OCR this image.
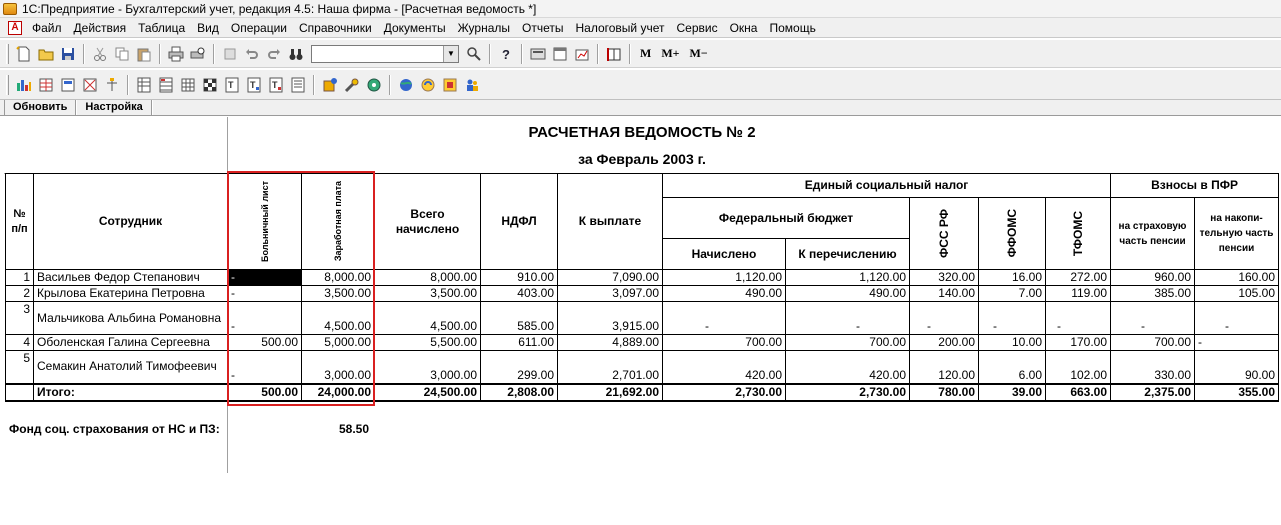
1С:Предприятие - Бухгалтерский учет, редакция 4.5: Наша фирма - [Расчетная ведомость *]
Ā	Файл	Действия	Таблица	Вид	Операции	Справочники	Документы	Журналы	Отчеты	Налоговый учет	Сервис	Окна	Помощь
▼	?	M M+ M−
T T T
Обновить	Настройка
РАСЧЕТНАЯ ВЕДОМОСТЬ № 2
за Февраль 2003 г.
№ п/п	Сотрудник	Больничный лист	Заработная плата	Всего начислено	НДФЛ	К выплате	Единый социальный налог					Взносы в ПФР	
							Федеральный бюджет		ФСС РФ	ФФОМС	ТФОМС	на страховую часть пенсии	на накопи-тельную часть пенсии
							Начислено	К перечислению					
1	Васильев Федор Степанович	-	8,000.00	8,000.00	910.00	7,090.00	1,120.00	1,120.00	320.00	16.00	272.00	960.00	160.00
2	Крылова Екатерина Петровна	-	3,500.00	3,500.00	403.00	3,097.00	490.00	490.00	140.00	7.00	119.00	385.00	105.00
3	Мальчикова Альбина Романовна	-	4,500.00	4,500.00	585.00	3,915.00	-	-	-	-	-	-	-
4	Оболенская Галина Сергеевна	500.00	5,000.00	5,500.00	611.00	4,889.00	700.00	700.00	200.00	10.00	170.00	700.00	-
5	Семакин Анатолий Тимофеевич	-	3,000.00	3,000.00	299.00	2,701.00	420.00	420.00	120.00	6.00	102.00	330.00	90.00
	Итого:	500.00	24,000.00	24,500.00	2,808.00	21,692.00	2,730.00	2,730.00	780.00	39.00	663.00	2,375.00	355.00
Фонд соц. страхования от НС и ПЗ:	58.50
